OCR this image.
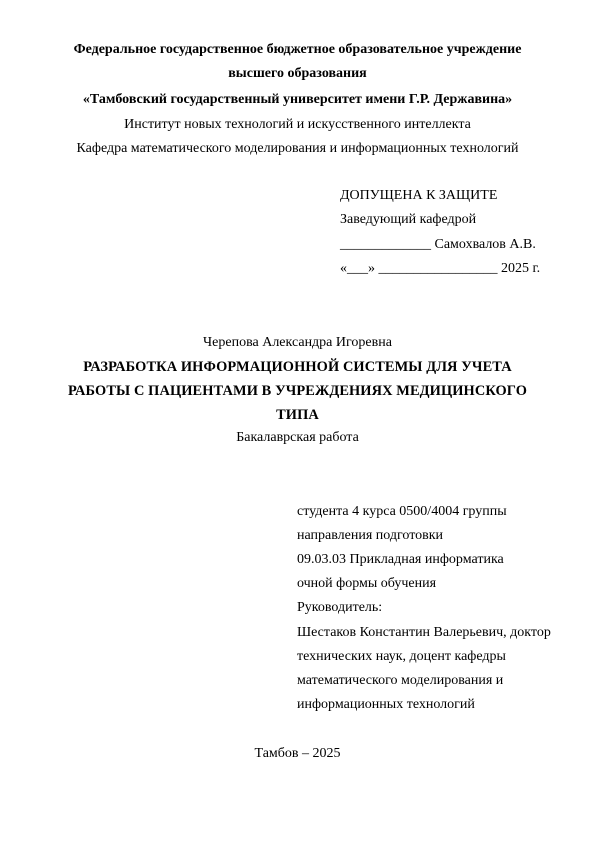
Федеральное государственное бюджетное образовательное учреждение
высшего образования
«Тамбовский государственный университет имени Г.Р. Державина»
Институт новых технологий и искусственного интеллекта
Кафедра математического моделирования и информационных технологий
ДОПУЩЕНА К ЗАЩИТЕ
Заведующий кафедрой
_____________ Самохвалов А.В.
«___» _________________ 2025 г.
Черепова Александра Игоревна
РАЗРАБОТКА ИНФОРМАЦИОННОЙ СИСТЕМЫ ДЛЯ УЧЕТА
РАБОТЫ С ПАЦИЕНТАМИ В УЧРЕЖДЕНИЯХ МЕДИЦИНСКОГО
ТИПА
Бакалаврская работа
студента 4 курса 0500/4004 группы
направления подготовки
09.03.03 Прикладная информатика
очной формы обучения
Руководитель:
Шестаков Константин Валерьевич, доктор
технических наук, доцент кафедры
математического моделирования и
информационных технологий
Тамбов – 2025
